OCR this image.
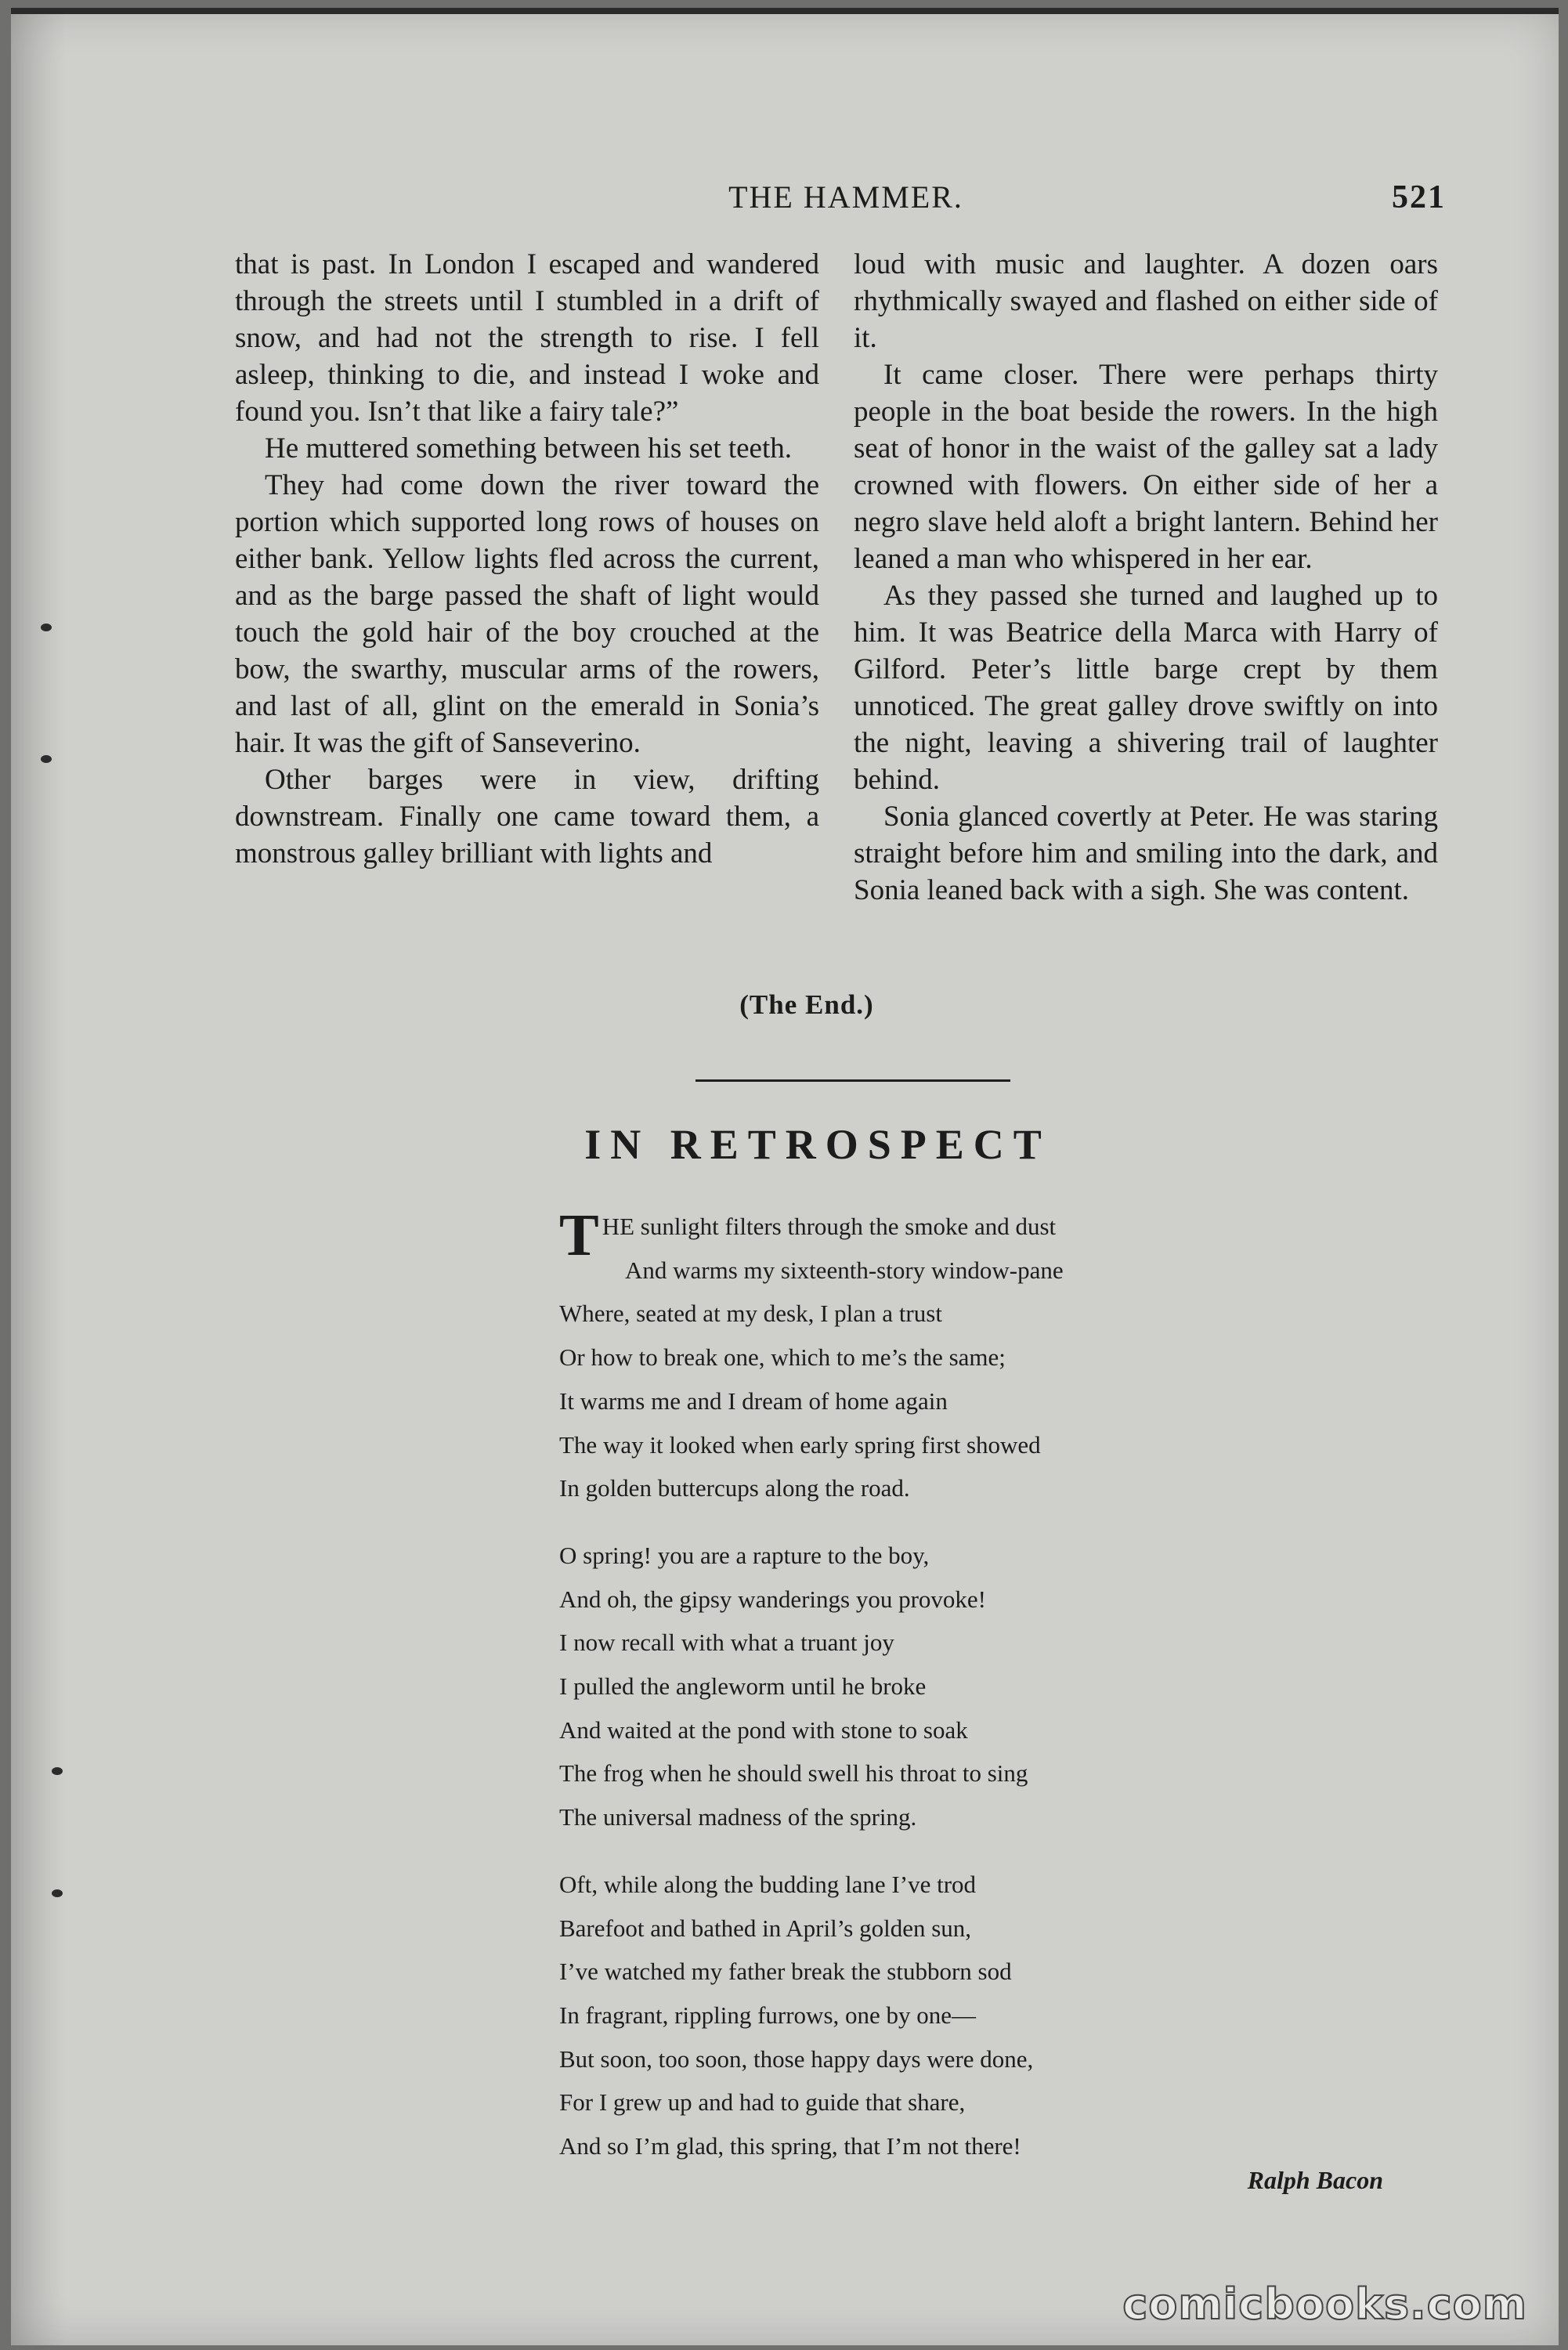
THE HAMMER.	521

that is past. In London I escaped and wandered through the streets until I stumbled in a drift of snow, and had not the strength to rise. I fell asleep, thinking to die, and instead I woke and found you. Isn’t that like a fairy tale?”

He muttered something between his set teeth.

They had come down the river toward the portion which supported long rows of houses on either bank. Yellow lights fled across the current, and as the barge passed the shaft of light would touch the gold hair of the boy crouched at the bow, the swarthy, muscular arms of the rowers, and last of all, glint on the emerald in Sonia’s hair. It was the gift of Sanseverino.

Other barges were in view, drifting downstream. Finally one came toward them, a monstrous galley brilliant with lights and

loud with music and laughter. A dozen oars rhythmically swayed and flashed on either side of it.

It came closer. There were perhaps thirty people in the boat beside the rowers. In the high seat of honor in the waist of the galley sat a lady crowned with flowers. On either side of her a negro slave held aloft a bright lantern. Behind her leaned a man who whispered in her ear.

As they passed she turned and laughed up to him. It was Beatrice della Marca with Harry of Gilford. Peter’s little barge crept by them unnoticed. The great galley drove swiftly on into the night, leaving a shivering trail of laughter behind.

Sonia glanced covertly at Peter. He was staring straight before him and smiling into the dark, and Sonia leaned back with a sigh. She was content.

(The End.)
IN RETROSPECT
T HE sunlight filters through the smoke and dust
And warms my sixteenth-story window-pane
Where, seated at my desk, I plan a trust
Or how to break one, which to me’s the same;
It warms me and I dream of home again
The way it looked when early spring first showed
In golden buttercups along the road.
O spring! you are a rapture to the boy,
And oh, the gipsy wanderings you provoke!
I now recall with what a truant joy
I pulled the angleworm until he broke
And waited at the pond with stone to soak
The frog when he should swell his throat to sing
The universal madness of the spring.
Oft, while along the budding lane I’ve trod
Barefoot and bathed in April’s golden sun,
I’ve watched my father break the stubborn sod
In fragrant, rippling furrows, one by one—
But soon, too soon, those happy days were done,
For I grew up and had to guide that share,
And so I’m glad, this spring, that I’m not there!
Ralph Bacon
comicbooks.com
